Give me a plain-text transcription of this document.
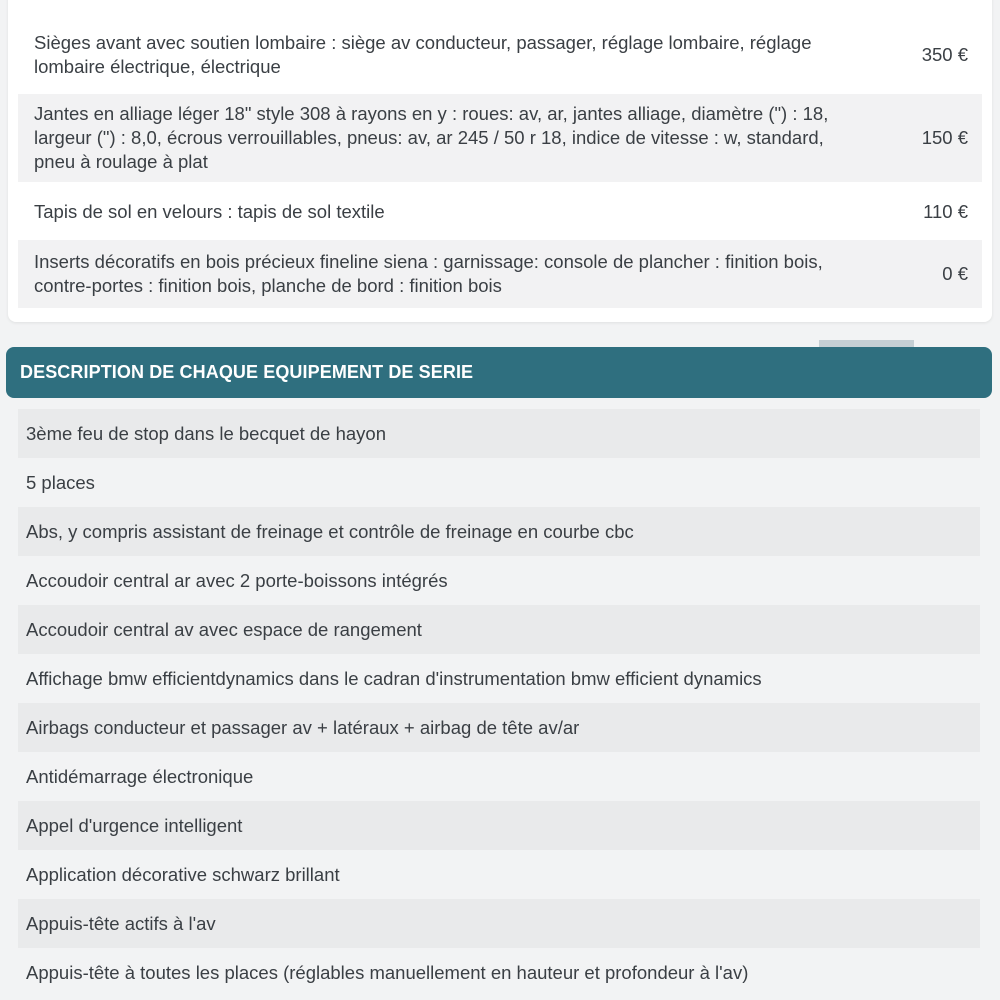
Sièges avant avec soutien lombaire : siège av conducteur, passager, réglage lombaire, réglage lombaire électrique, électrique
350 €
Jantes en alliage léger 18" style 308 à rayons en y : roues: av, ar, jantes alliage, diamètre (") : 18, largeur (") : 8,0, écrous verrouillables, pneus: av, ar 245 / 50 r 18, indice de vitesse : w, standard, pneu à roulage à plat
150 €
Tapis de sol en velours : tapis de sol textile	110 €
Inserts décoratifs en bois précieux fineline siena : garnissage: console de plancher : finition bois, contre-portes : finition bois, planche de bord : finition bois
0 €
DESCRIPTION DE CHAQUE EQUIPEMENT DE SERIE
3ème feu de stop dans le becquet de hayon
5 places
Abs, y compris assistant de freinage et contrôle de freinage en courbe cbc
Accoudoir central ar avec 2 porte-boissons intégrés
Accoudoir central av avec espace de rangement
Affichage bmw efficientdynamics dans le cadran d'instrumentation bmw efficient dynamics
Airbags conducteur et passager av + latéraux + airbag de tête av/ar
Antidémarrage électronique
Appel d'urgence intelligent
Application décorative schwarz brillant
Appuis-tête actifs à l'av
Appuis-tête à toutes les places (réglables manuellement en hauteur et profondeur à l'av)
